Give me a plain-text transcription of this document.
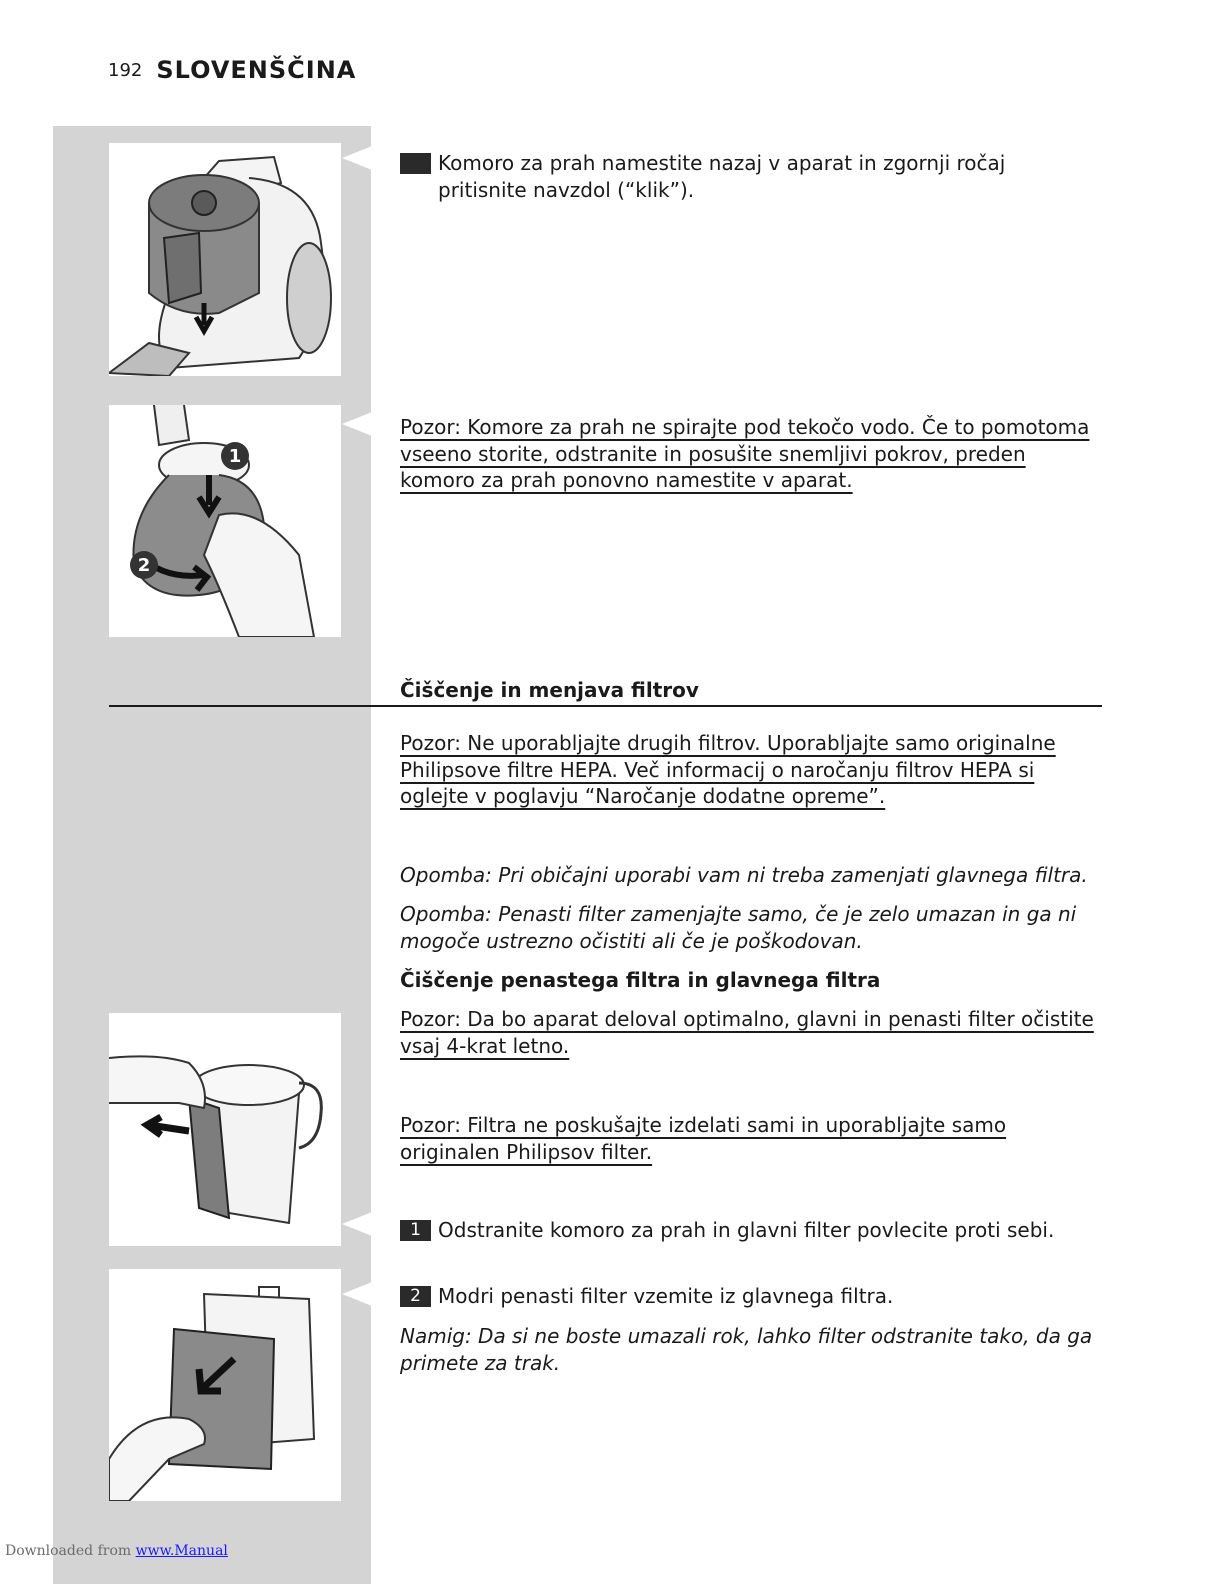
192 SLOVENŠČINA
1
2
Komoro za prah namestite nazaj v aparat in zgornji ročaj pritisnite navzdol (“klik”).
Pozor: Komore za prah ne spirajte pod tekočo vodo. Če to pomotoma vseeno storite, odstranite in posušite snemljivi pokrov, preden komoro za prah ponovno namestite v aparat.
Čiščenje in menjava filtrov
Pozor: Ne uporabljajte drugih filtrov. Uporabljajte samo originalne Philipsove filtre HEPA. Več informacij o naročanju filtrov HEPA si oglejte v poglavju “Naročanje dodatne opreme”.
Opomba: Pri običajni uporabi vam ni treba zamenjati glavnega filtra.
Opomba: Penasti filter zamenjajte samo, če je zelo umazan in ga ni mogoče ustrezno očistiti ali če je poškodovan.
Čiščenje penastega filtra in glavnega filtra
Pozor: Da bo aparat deloval optimalno, glavni in penasti filter očistite vsaj 4-krat letno.
Pozor: Filtra ne poskušajte izdelati sami in uporabljajte samo originalen Philipsov filter.
1 Odstranite komoro za prah in glavni filter povlecite proti sebi.
2 Modri penasti filter vzemite iz glavnega filtra.
Namig: Da si ne boste umazali rok, lahko filter odstranite tako, da ga primete za trak.
Downloaded from www.Manual
